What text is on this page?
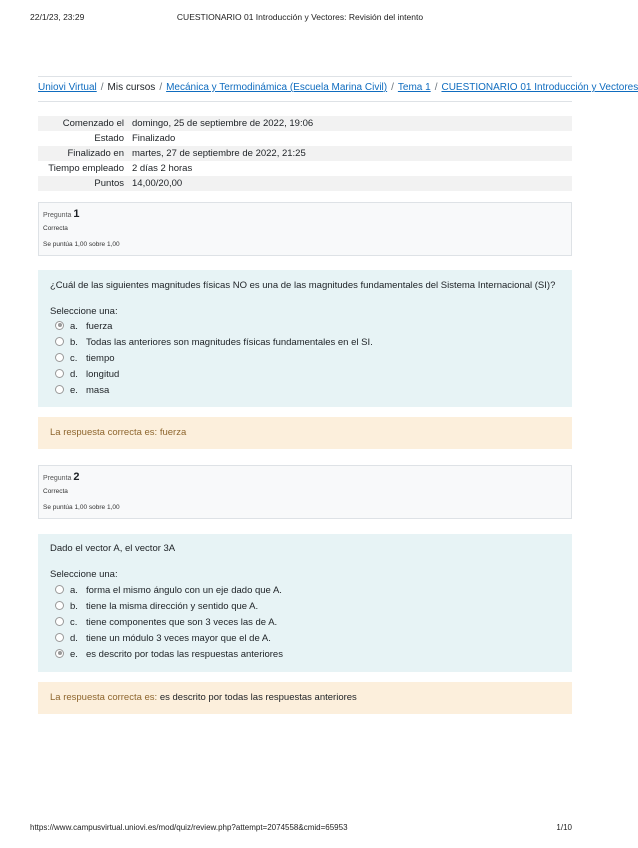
22/1/23, 23:29	CUESTIONARIO 01 Introducción y Vectores: Revisión del intento
Uniovi Virtual / Mis cursos / Mecánica y Termodinámica (Escuela Marina Civil) / Tema 1 / CUESTIONARIO 01 Introducción y Vectores
Comenzado el	domingo, 25 de septiembre de 2022, 19:06
Estado	Finalizado
Finalizado en	martes, 27 de septiembre de 2022, 21:25
Tiempo empleado	2 días 2 horas
Puntos	14,00/20,00
Pregunta 1
Correcta
Se puntúa 1,00 sobre 1,00
¿Cuál de las siguientes magnitudes físicas NO es una de las magnitudes fundamentales del Sistema Internacional (SI)?
Seleccione una:
a. fuerza
b. Todas las anteriores son magnitudes físicas fundamentales en el SI.
c. tiempo
d. longitud
e. masa
La respuesta correcta es: fuerza
Pregunta 2
Correcta
Se puntúa 1,00 sobre 1,00
Dado el vector A, el vector 3A
Seleccione una:
a. forma el mismo ángulo con un eje dado que A.
b. tiene la misma dirección y sentido que A.
c. tiene componentes que son 3 veces las de A.
d. tiene un módulo 3 veces mayor que el de A.
e. es descrito por todas las respuestas anteriores
La respuesta correcta es: es descrito por todas las respuestas anteriores
https://www.campusvirtual.uniovi.es/mod/quiz/review.php?attempt=2074558&cmid=65953	1/10
